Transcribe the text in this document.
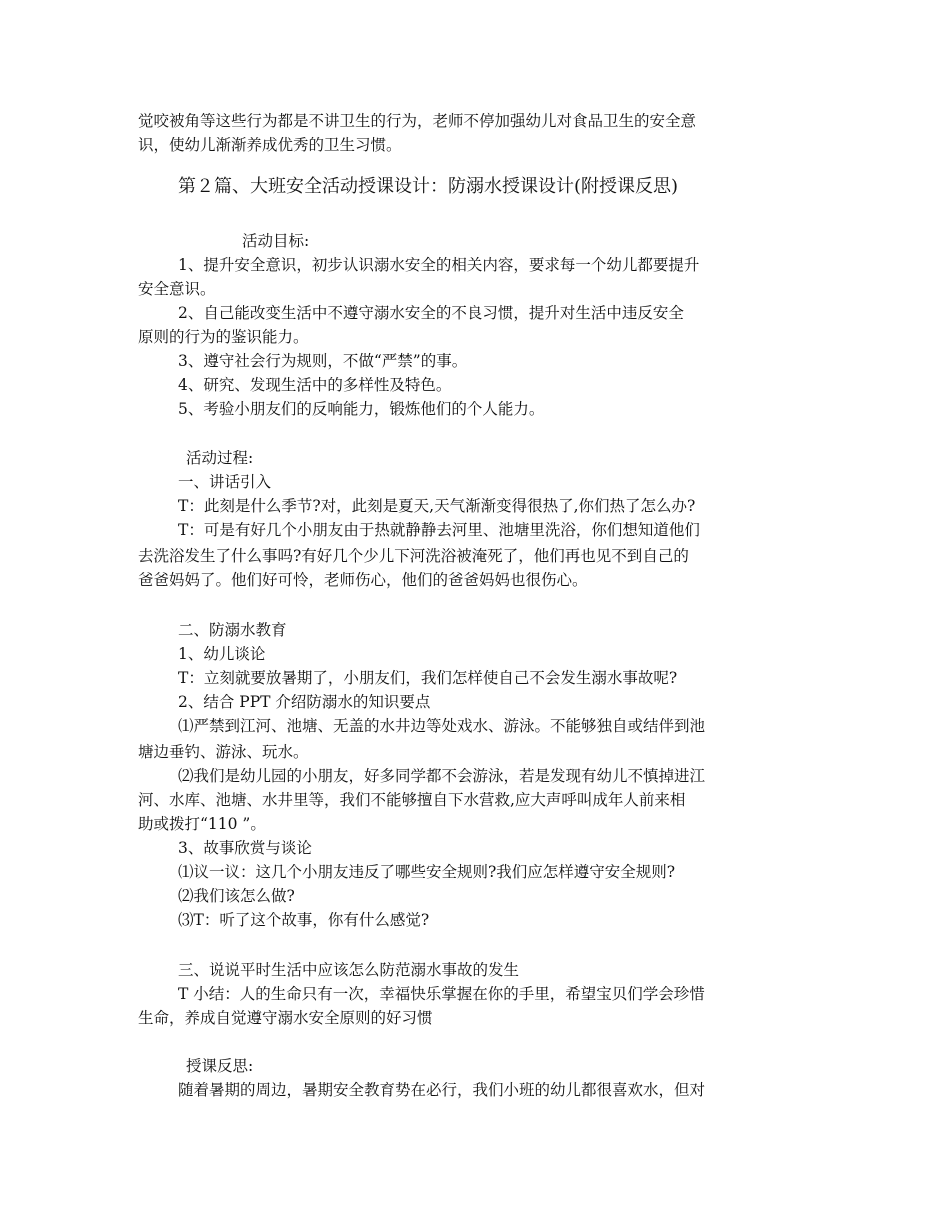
觉咬被角等这些行为都是不讲卫生的行为，老师不停加强幼儿对食品卫生的安全意
识，使幼儿渐渐养成优秀的卫生习惯。
第２篇、大班安全活动授课设计：防溺水授课设计(附授课反思)
活动目标:
1、提升安全意识，初步认识溺水安全的相关内容，要求每一个幼儿都要提升
安全意识。
2、自己能改变生活中不遵守溺水安全的不良习惯，提升对生活中违反安全
原则的行为的鉴识能力。
3、遵守社会行为规则，不做“严禁”的事。
4、研究、发现生活中的多样性及特色。
5、考验小朋友们的反响能力，锻炼他们的个人能力。
活动过程:
一、讲话引入
T：此刻是什么季节?对，此刻是夏天,天气渐渐变得很热了,你们热了怎么办?
T：可是有好几个小朋友由于热就静静去河里、池塘里洗浴，你们想知道他们
去洗浴发生了什么事吗?有好几个少儿下河洗浴被淹死了，他们再也见不到自己的
爸爸妈妈了。他们好可怜，老师伤心，他们的爸爸妈妈也很伤心。
二、防溺水教育
1、幼儿谈论
T：立刻就要放暑期了，小朋友们，我们怎样使自己不会发生溺水事故呢?
2、结合 PPT 介绍防溺水的知识要点
⑴严禁到江河、池塘、无盖的水井边等处戏水、游泳。不能够独自或结伴到池
塘边垂钓、游泳、玩水。
⑵我们是幼儿园的小朋友，好多同学都不会游泳，若是发现有幼儿不慎掉进江
河、水库、池塘、水井里等，我们不能够擅自下水营救,应大声呼叫成年人前来相
助或拨打“110 ”。
3、故事欣赏与谈论
⑴议一议：这几个小朋友违反了哪些安全规则?我们应怎样遵守安全规则?
⑵我们该怎么做?
⑶T：听了这个故事，你有什么感觉?
三、说说平时生活中应该怎么防范溺水事故的发生
T 小结：人的生命只有一次，幸福快乐掌握在你的手里，希望宝贝们学会珍惜
生命，养成自觉遵守溺水安全原则的好习惯
授课反思:
随着暑期的周边，暑期安全教育势在必行，我们小班的幼儿都很喜欢水，但对
